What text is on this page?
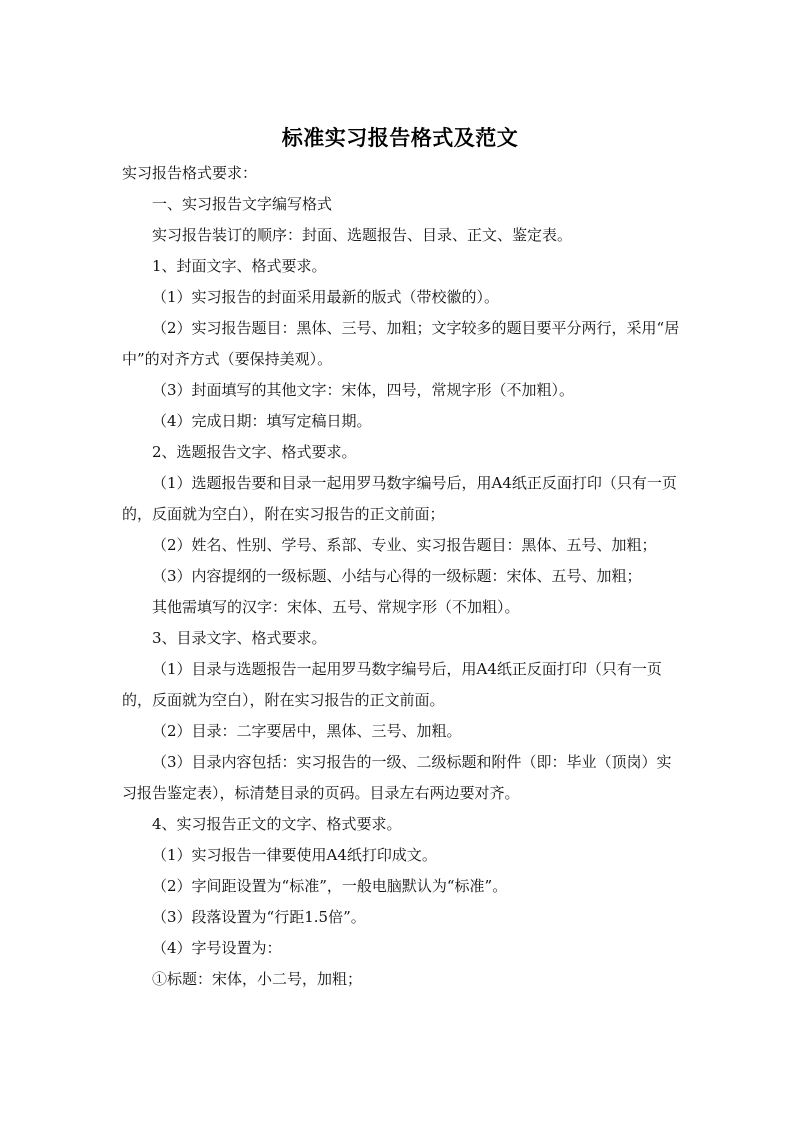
标准实习报告格式及范文

实习报告格式要求：

一、实习报告文字编写格式

实习报告装订的顺序：封面、选题报告、目录、正文、鉴定表。

1、封面文字、格式要求。

（1）实习报告的封面采用最新的版式（带校徽的）。

（2）实习报告题目：黑体、三号、加粗；文字较多的题目要平分两行，采用“居中”的对齐方式（要保持美观）。

（3）封面填写的其他文字：宋体，四号，常规字形（不加粗）。

（4）完成日期：填写定稿日期。

2、选题报告文字、格式要求。

（1）选题报告要和目录一起用罗马数字编号后，用A4纸正反面打印（只有一页的，反面就为空白），附在实习报告的正文前面；

（2）姓名、性别、学号、系部、专业、实习报告题目：黑体、五号、加粗；

（3）内容提纲的一级标题、小结与心得的一级标题：宋体、五号、加粗；

其他需填写的汉字：宋体、五号、常规字形（不加粗）。

3、目录文字、格式要求。

（1）目录与选题报告一起用罗马数字编号后，用A4纸正反面打印（只有一页的，反面就为空白），附在实习报告的正文前面。

（2）目录：二字要居中，黑体、三号、加粗。

（3）目录内容包括：实习报告的一级、二级标题和附件（即：毕业（顶岗）实习报告鉴定表），标清楚目录的页码。目录左右两边要对齐。

4、实习报告正文的文字、格式要求。

（1）实习报告一律要使用A4纸打印成文。

（2）字间距设置为“标准”，一般电脑默认为“标准”。

（3）段落设置为“行距1.5倍”。

（4）字号设置为：

①标题：宋体，小二号，加粗；
